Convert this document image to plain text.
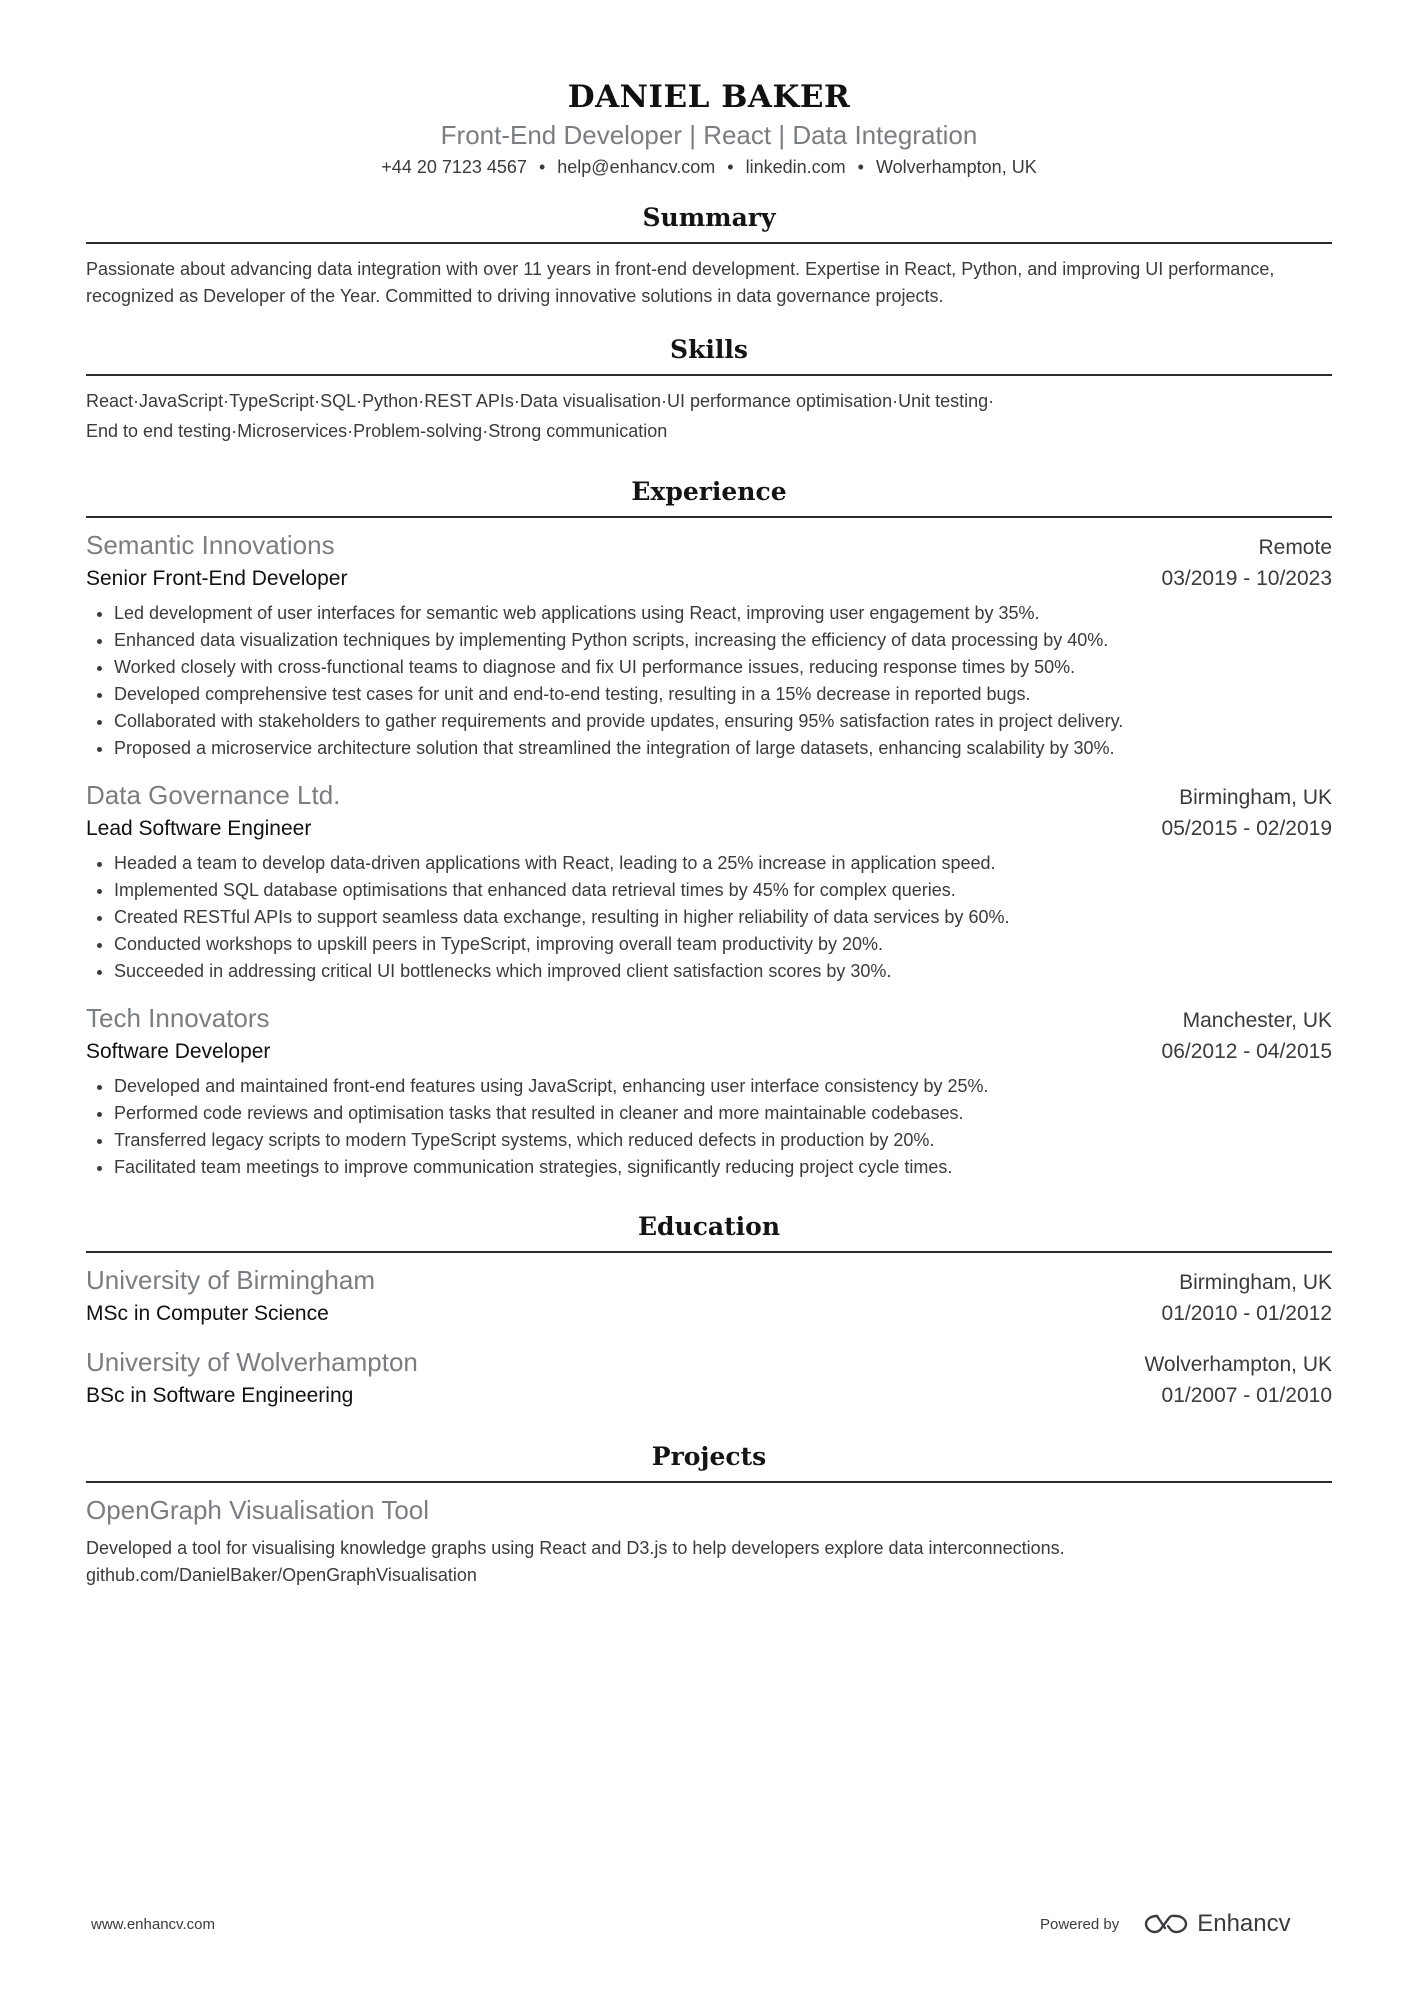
DANIEL BAKER
Front-End Developer | React | Data Integration
+44 20 7123 4567 • help@enhancv.com • linkedin.com • Wolverhampton, UK
Summary
Passionate about advancing data integration with over 11 years in front-end development. Expertise in React, Python, and improving UI performance, recognized as Developer of the Year. Committed to driving innovative solutions in data governance projects.
Skills
React·JavaScript·TypeScript·SQL·Python·REST APIs·Data visualisation·UI performance optimisation·Unit testing·
End to end testing·Microservices·Problem-solving·Strong communication
Experience
Semantic Innovations	Remote
Senior Front-End Developer	03/2019 - 10/2023
• Led development of user interfaces for semantic web applications using React, improving user engagement by 35%.
• Enhanced data visualization techniques by implementing Python scripts, increasing the efficiency of data processing by 40%.
• Worked closely with cross-functional teams to diagnose and fix UI performance issues, reducing response times by 50%.
• Developed comprehensive test cases for unit and end-to-end testing, resulting in a 15% decrease in reported bugs.
• Collaborated with stakeholders to gather requirements and provide updates, ensuring 95% satisfaction rates in project delivery.
• Proposed a microservice architecture solution that streamlined the integration of large datasets, enhancing scalability by 30%.
Data Governance Ltd.	Birmingham, UK
Lead Software Engineer	05/2015 - 02/2019
• Headed a team to develop data-driven applications with React, leading to a 25% increase in application speed.
• Implemented SQL database optimisations that enhanced data retrieval times by 45% for complex queries.
• Created RESTful APIs to support seamless data exchange, resulting in higher reliability of data services by 60%.
• Conducted workshops to upskill peers in TypeScript, improving overall team productivity by 20%.
• Succeeded in addressing critical UI bottlenecks which improved client satisfaction scores by 30%.
Tech Innovators	Manchester, UK
Software Developer	06/2012 - 04/2015
• Developed and maintained front-end features using JavaScript, enhancing user interface consistency by 25%.
• Performed code reviews and optimisation tasks that resulted in cleaner and more maintainable codebases.
• Transferred legacy scripts to modern TypeScript systems, which reduced defects in production by 20%.
• Facilitated team meetings to improve communication strategies, significantly reducing project cycle times.
Education
University of Birmingham	Birmingham, UK
MSc in Computer Science	01/2010 - 01/2012
University of Wolverhampton	Wolverhampton, UK
BSc in Software Engineering	01/2007 - 01/2010
Projects
OpenGraph Visualisation Tool
Developed a tool for visualising knowledge graphs using React and D3.js to help developers explore data interconnections.
github.com/DanielBaker/OpenGraphVisualisation
www.enhancv.com	Powered by	Enhancv
